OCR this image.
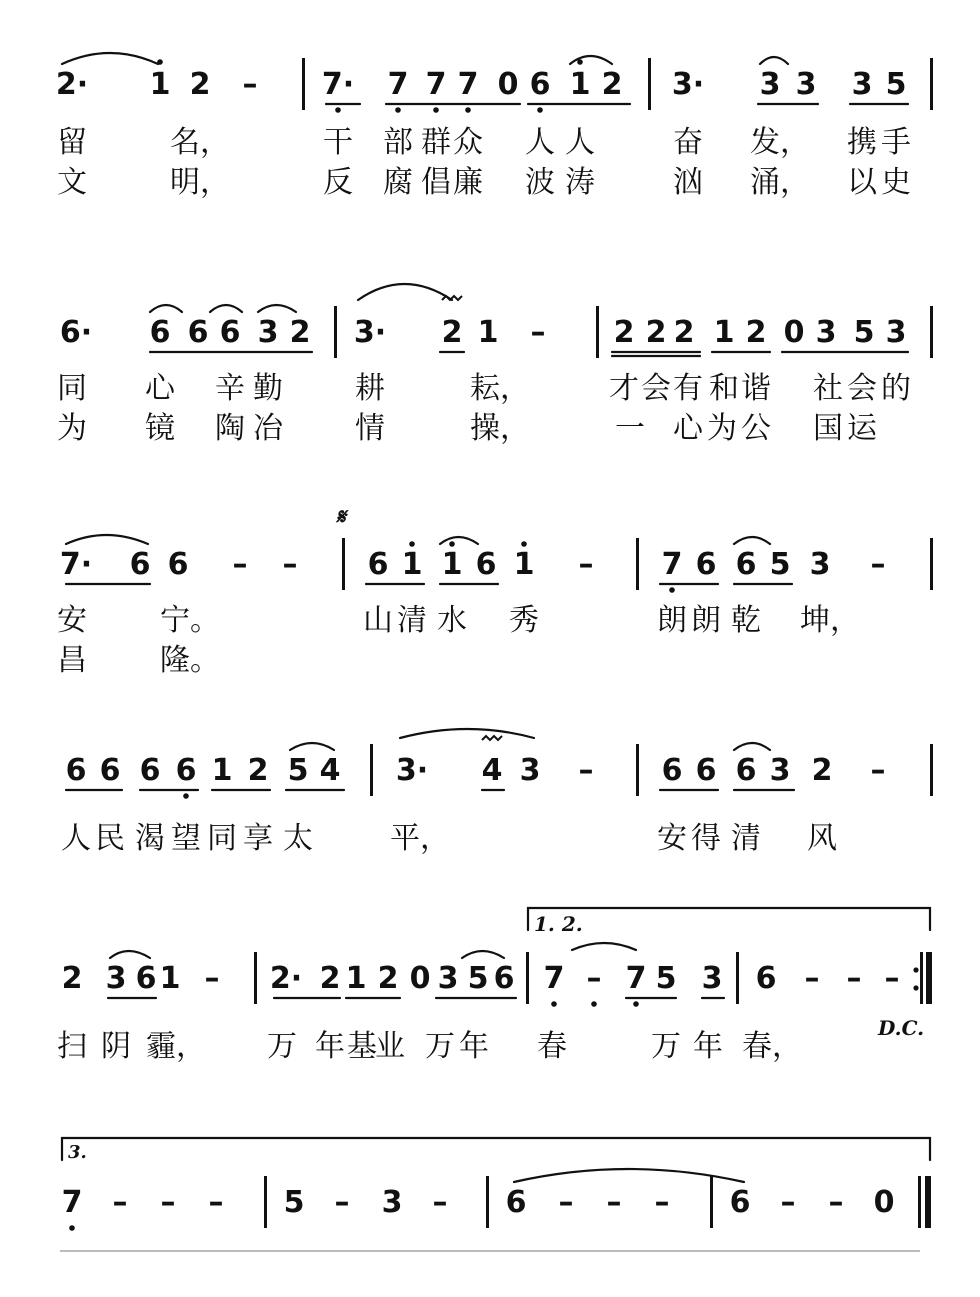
2· 1 2 – 7· 7 7 7 0 6 1 2 3· 3 3 3 5
留	名，	干 部 群 众 人 人	奋 发， 携 手
文	明，	反 腐 倡 廉 波 涛	汹 涌， 以 史
6· 6 6 6 3 2 3· 2 1 – 2 2 2 1 2 0 3 5 3
同 心 辛 勤 耕	耘，	才 会 有 和 谐 社 会 的
为 镜 陶 冶 情	操，	一 心 为 公 国 运
𝄋
7· 6 6 – – 6 1 1 6 1 – 7 6 6 5 3 –
安 宁。	山 清 水 秀	朗 朗 乾 坤，
昌 隆。
6 6 6 6 1 2 5 4 3· 4 3 – 6 6 6 3 2 –
人 民 渴 望 同 享 太	平，	安 得 清 风
1. 2.
2 3 6 1 – 2· 2 1 2 0 3 5 6 7 – 7 5 3 6 – – –
扫 阴 霾， 万 年 基
业 万 年 春	万 年 春，
D.C.
3.
7 – – – 5 – 3 – 6 – – – 6 – – 0
